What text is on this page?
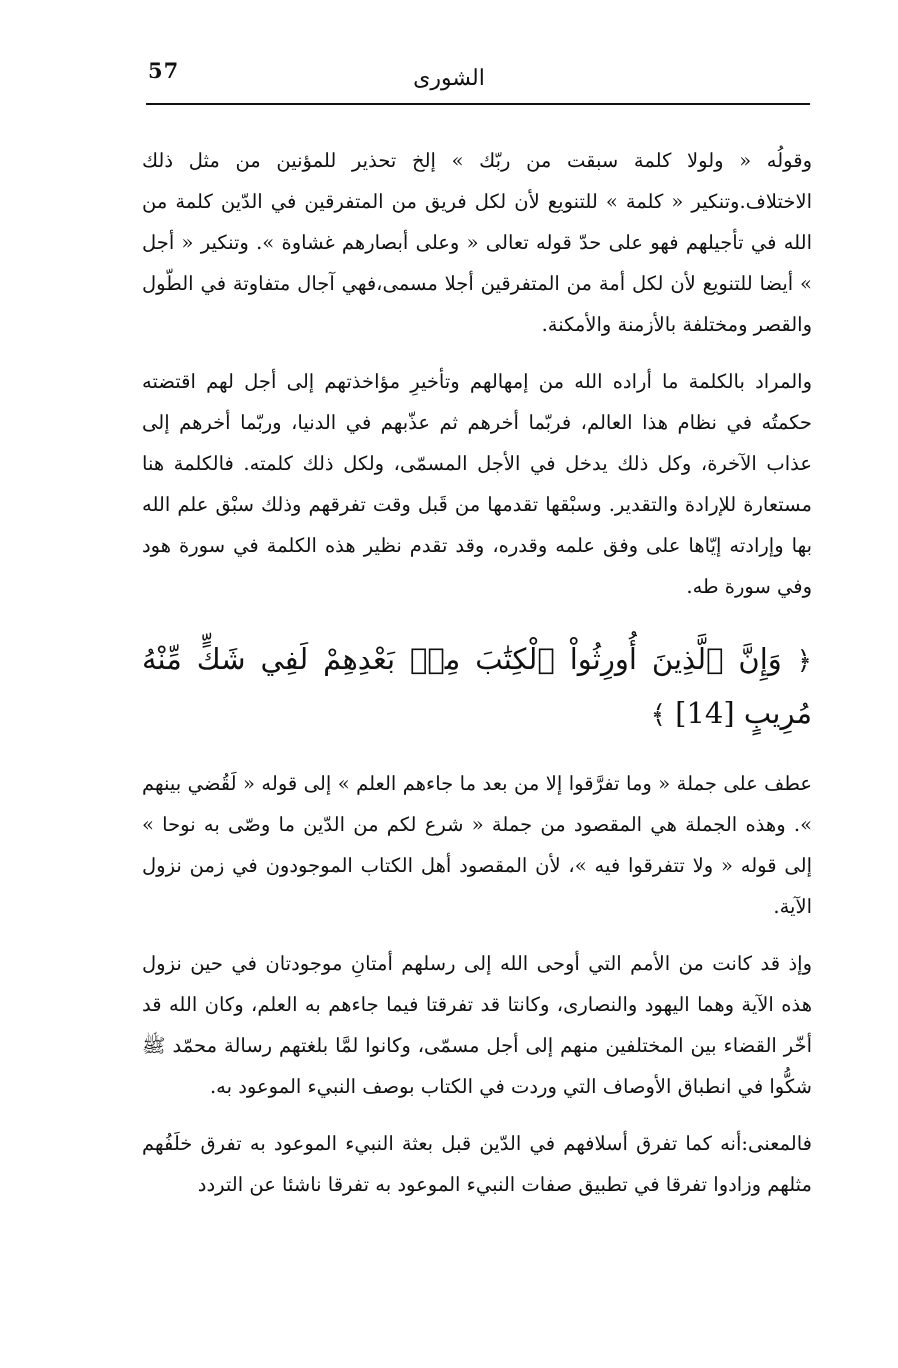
57	الشورى

وقولُه « ولولا كلمة سبقت من ربّك » إلخ تحذير للمؤنين من مثل ذلك الاختلاف.وتنكير « كلمة » للتنويع لأن لكل فريق من المتفرقين في الدّين كلمة من الله في تأجيلهم فهو على حدّ قوله تعالى « وعلى أبصارهم غشاوة ». وتنكير « أجل » أيضا للتنويع لأن لكل أمة من المتفرقين أجلا مسمى،فهي آجال متفاوتة في الطّول والقصر ومختلفة بالأزمنة والأمكنة.

والمراد بالكلمة ما أراده الله من إمهالهم وتأخيرِ مؤاخذتهم إلى أجل لهم اقتضته حكمتُه في نظام هذا العالم، فربّما أخرهم ثم عذّبهم في الدنيا، وربّما أخرهم إلى عذاب الآخرة، وكل ذلك يدخل في الأجل المسمّى، ولكل ذلك كلمته. فالكلمة هنا مستعارة للإرادة والتقدير. وسبْقها تقدمها من قَبل وقت تفرقهم وذلك سبْق علم الله بها وإرادته إيّاها على وفق علمه وقدره، وقد تقدم نظير هذه الكلمة في سورة هود وفي سورة طه.

﴿ وَإِنَّ ٱلَّذِينَ أُورِثُواْ ٱلْكِتَٰبَ مِنۢ بَعْدِهِمْ لَفِي شَكٍّ مِّنْهُ مُرِيبٍ [14] ﴾

عطف على جملة « وما تفرَّقوا إلا من بعد ما جاءهم العلم » إلى قوله « لَقُضي بينهم ». وهذه الجملة هي المقصود من جملة « شرع لكم من الدّين ما وصّى به نوحا » إلى قوله « ولا تتفرقوا فيه »، لأن المقصود أهل الكتاب الموجودون في زمن نزول الآية.

وإذ قد كانت من الأمم التي أوحى الله إلى رسلهم أمتانِ موجودتان في حين نزول هذه الآية وهما اليهود والنصارى، وكانتا قد تفرقتا فيما جاءهم به العلم، وكان الله قد أخّر القضاء بين المختلفين منهم إلى أجل مسمّى، وكانوا لمَّا بلغتهم رسالة محمّد ﷺ شكُّوا في انطباق الأوصاف التي وردت في الكتاب بوصف النبيء الموعود به.

فالمعنى:أنه كما تفرق أسلافهم في الدّين قبل بعثة النبيء الموعود به تفرق خلَفُهم مثلهم وزادوا تفرقا في تطبيق صفات النبيء الموعود به تفرقا ناشئا عن التردد
